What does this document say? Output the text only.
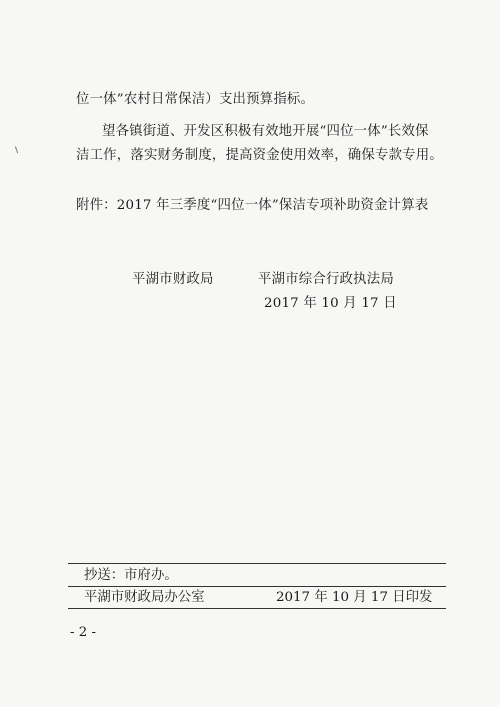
位一体”农村日常保洁）支出预算指标。
望各镇街道、开发区积极有效地开展“四位一体”长效保
洁工作，落实财务制度，提高资金使用效率，确保专款专用。
附件：2017 年三季度“四位一体”保洁专项补助资金计算表
平湖市财政局	平湖市综合行政执法局
2017 年 10 月 17 日
抄送：市府办。
平湖市财政局办公室	2017 年 10 月 17 日印发
- 2 -
